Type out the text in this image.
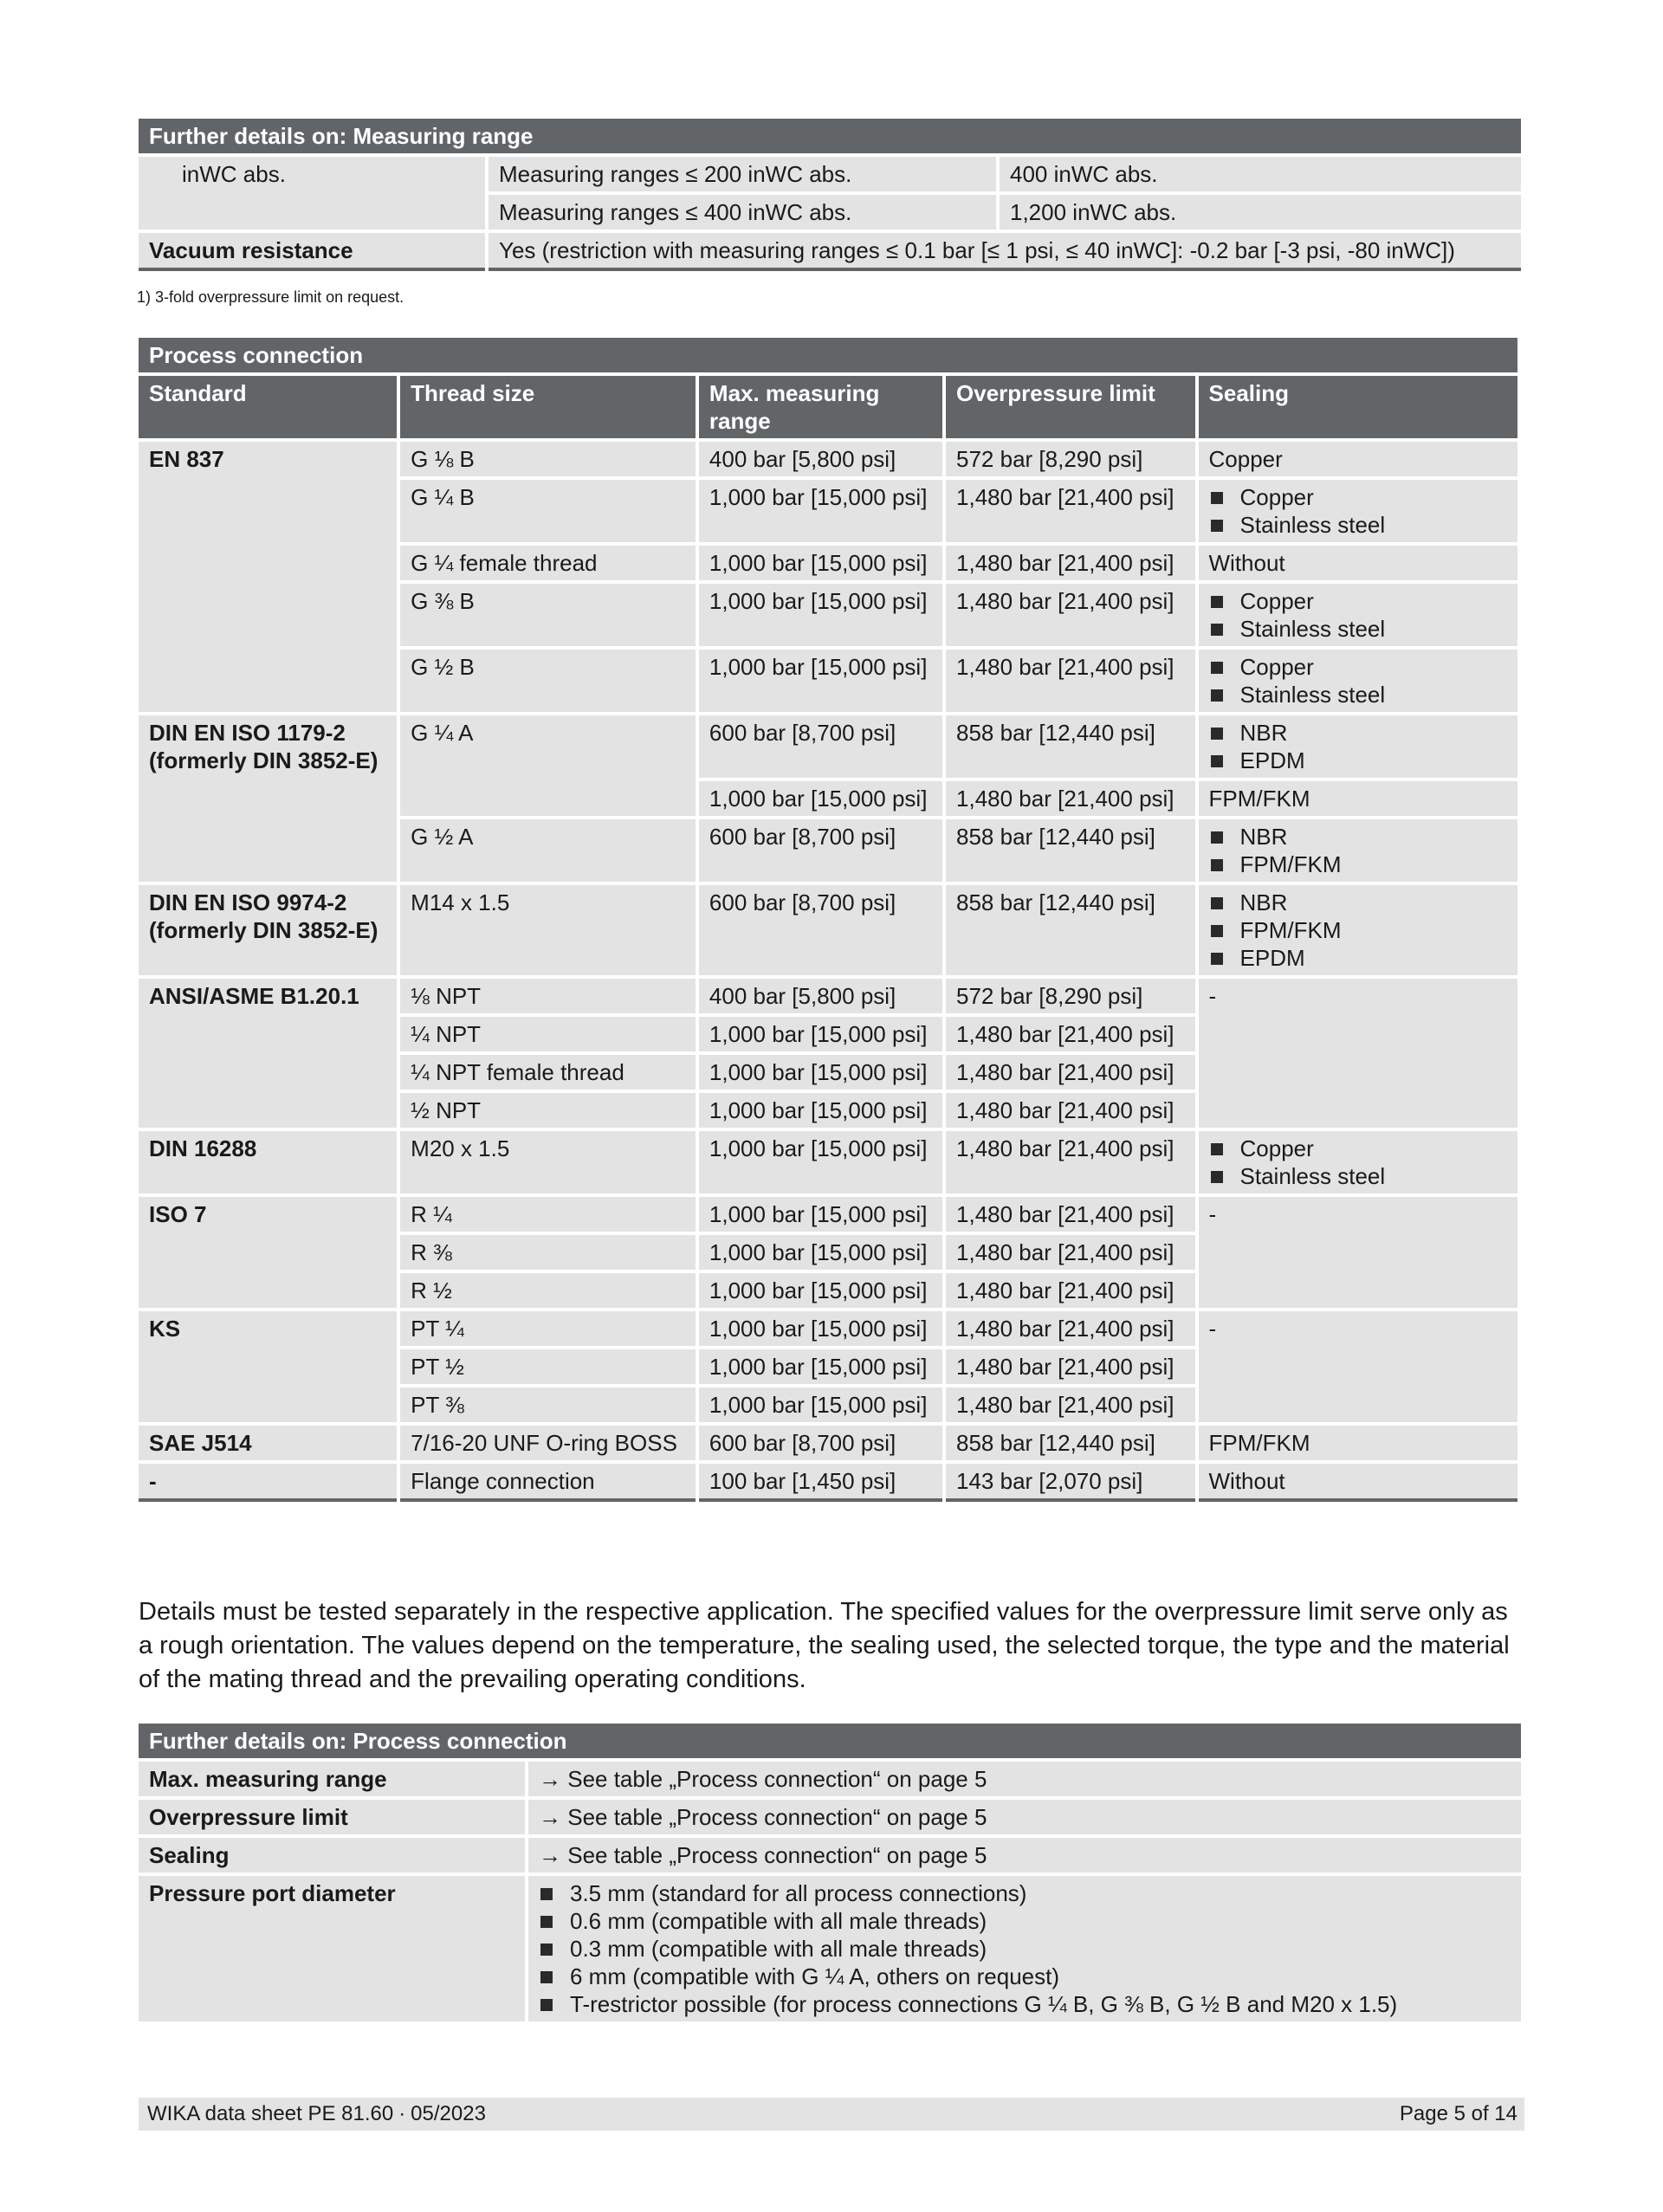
Further details on: Measuring range		
inWC abs.	Measuring ranges ≤ 200 inWC abs.	400 inWC abs.
	Measuring ranges ≤ 400 inWC abs.	1,200 inWC abs.
Vacuum resistance	Yes (restriction with measuring ranges ≤ 0.1 bar [≤ 1 psi, ≤ 40 inWC]: -0.2 bar [-3 psi, -80 inWC])	
1) 3-fold overpressure limit on request.
Process connection				
Standard	Thread size	Max. measuring range	Overpressure limit	Sealing
EN 837	G ⅛ B	400 bar [5,800 psi]	572 bar [8,290 psi]	Copper
	G ¼ B	1,000 bar [15,000 psi]	1,480 bar [21,400 psi]	Copper
Stainless steel

	G ¼ female thread	1,000 bar [15,000 psi]	1,480 bar [21,400 psi]	Without
	G ⅜ B	1,000 bar [15,000 psi]	1,480 bar [21,400 psi]	Copper
Stainless steel

	G ½ B	1,000 bar [15,000 psi]	1,480 bar [21,400 psi]	Copper
Stainless steel

DIN EN ISO 1179-2 (formerly DIN 3852-E)	G ¼ A	600 bar [8,700 psi]	858 bar [12,440 psi]	NBR
EPDM

		1,000 bar [15,000 psi]	1,480 bar [21,400 psi]	FPM/FKM
	G ½ A	600 bar [8,700 psi]	858 bar [12,440 psi]	NBR
FPM/FKM

DIN EN ISO 9974-2 (formerly DIN 3852-E)	M14 x 1.5	600 bar [8,700 psi]	858 bar [12,440 psi]	NBR
FPM/FKM
EPDM

ANSI/ASME B1.20.1	⅛ NPT	400 bar [5,800 psi]	572 bar [8,290 psi]	-
	¼ NPT	1,000 bar [15,000 psi]	1,480 bar [21,400 psi]	
	¼ NPT female thread	1,000 bar [15,000 psi]	1,480 bar [21,400 psi]	
	½ NPT	1,000 bar [15,000 psi]	1,480 bar [21,400 psi]	
DIN 16288	M20 x 1.5	1,000 bar [15,000 psi]	1,480 bar [21,400 psi]	Copper
Stainless steel

ISO 7	R ¼	1,000 bar [15,000 psi]	1,480 bar [21,400 psi]	-
	R ⅜	1,000 bar [15,000 psi]	1,480 bar [21,400 psi]	
	R ½	1,000 bar [15,000 psi]	1,480 bar [21,400 psi]	
KS	PT ¼	1,000 bar [15,000 psi]	1,480 bar [21,400 psi]	-
	PT ½	1,000 bar [15,000 psi]	1,480 bar [21,400 psi]	
	PT ⅜	1,000 bar [15,000 psi]	1,480 bar [21,400 psi]	
SAE J514	7/16-20 UNF O-ring BOSS	600 bar [8,700 psi]	858 bar [12,440 psi]	FPM/FKM
-	Flange connection	100 bar [1,450 psi]	143 bar [2,070 psi]	Without
Details must be tested separately in the respective application. The specified values for the overpressure limit serve only as a rough orientation. The values depend on the temperature, the sealing used, the selected torque, the type and the material of the mating thread and the prevailing operating conditions.
Further details on: Process connection	
Max. measuring range	→ See table „Process connection“ on page 5
Overpressure limit	→ See table „Process connection“ on page 5
Sealing	→ See table „Process connection“ on page 5
Pressure port diameter	3.5 mm (standard for all process connections)
0.6 mm (compatible with all male threads)
0.3 mm (compatible with all male threads)
6 mm (compatible with G ¼ A, others on request)
T-restrictor possible (for process connections G ¼ B, G ⅜ B, G ½ B and M20 x 1.5)
WIKA data sheet PE 81.60 ∙ 05/2023	Page 5 of 14
